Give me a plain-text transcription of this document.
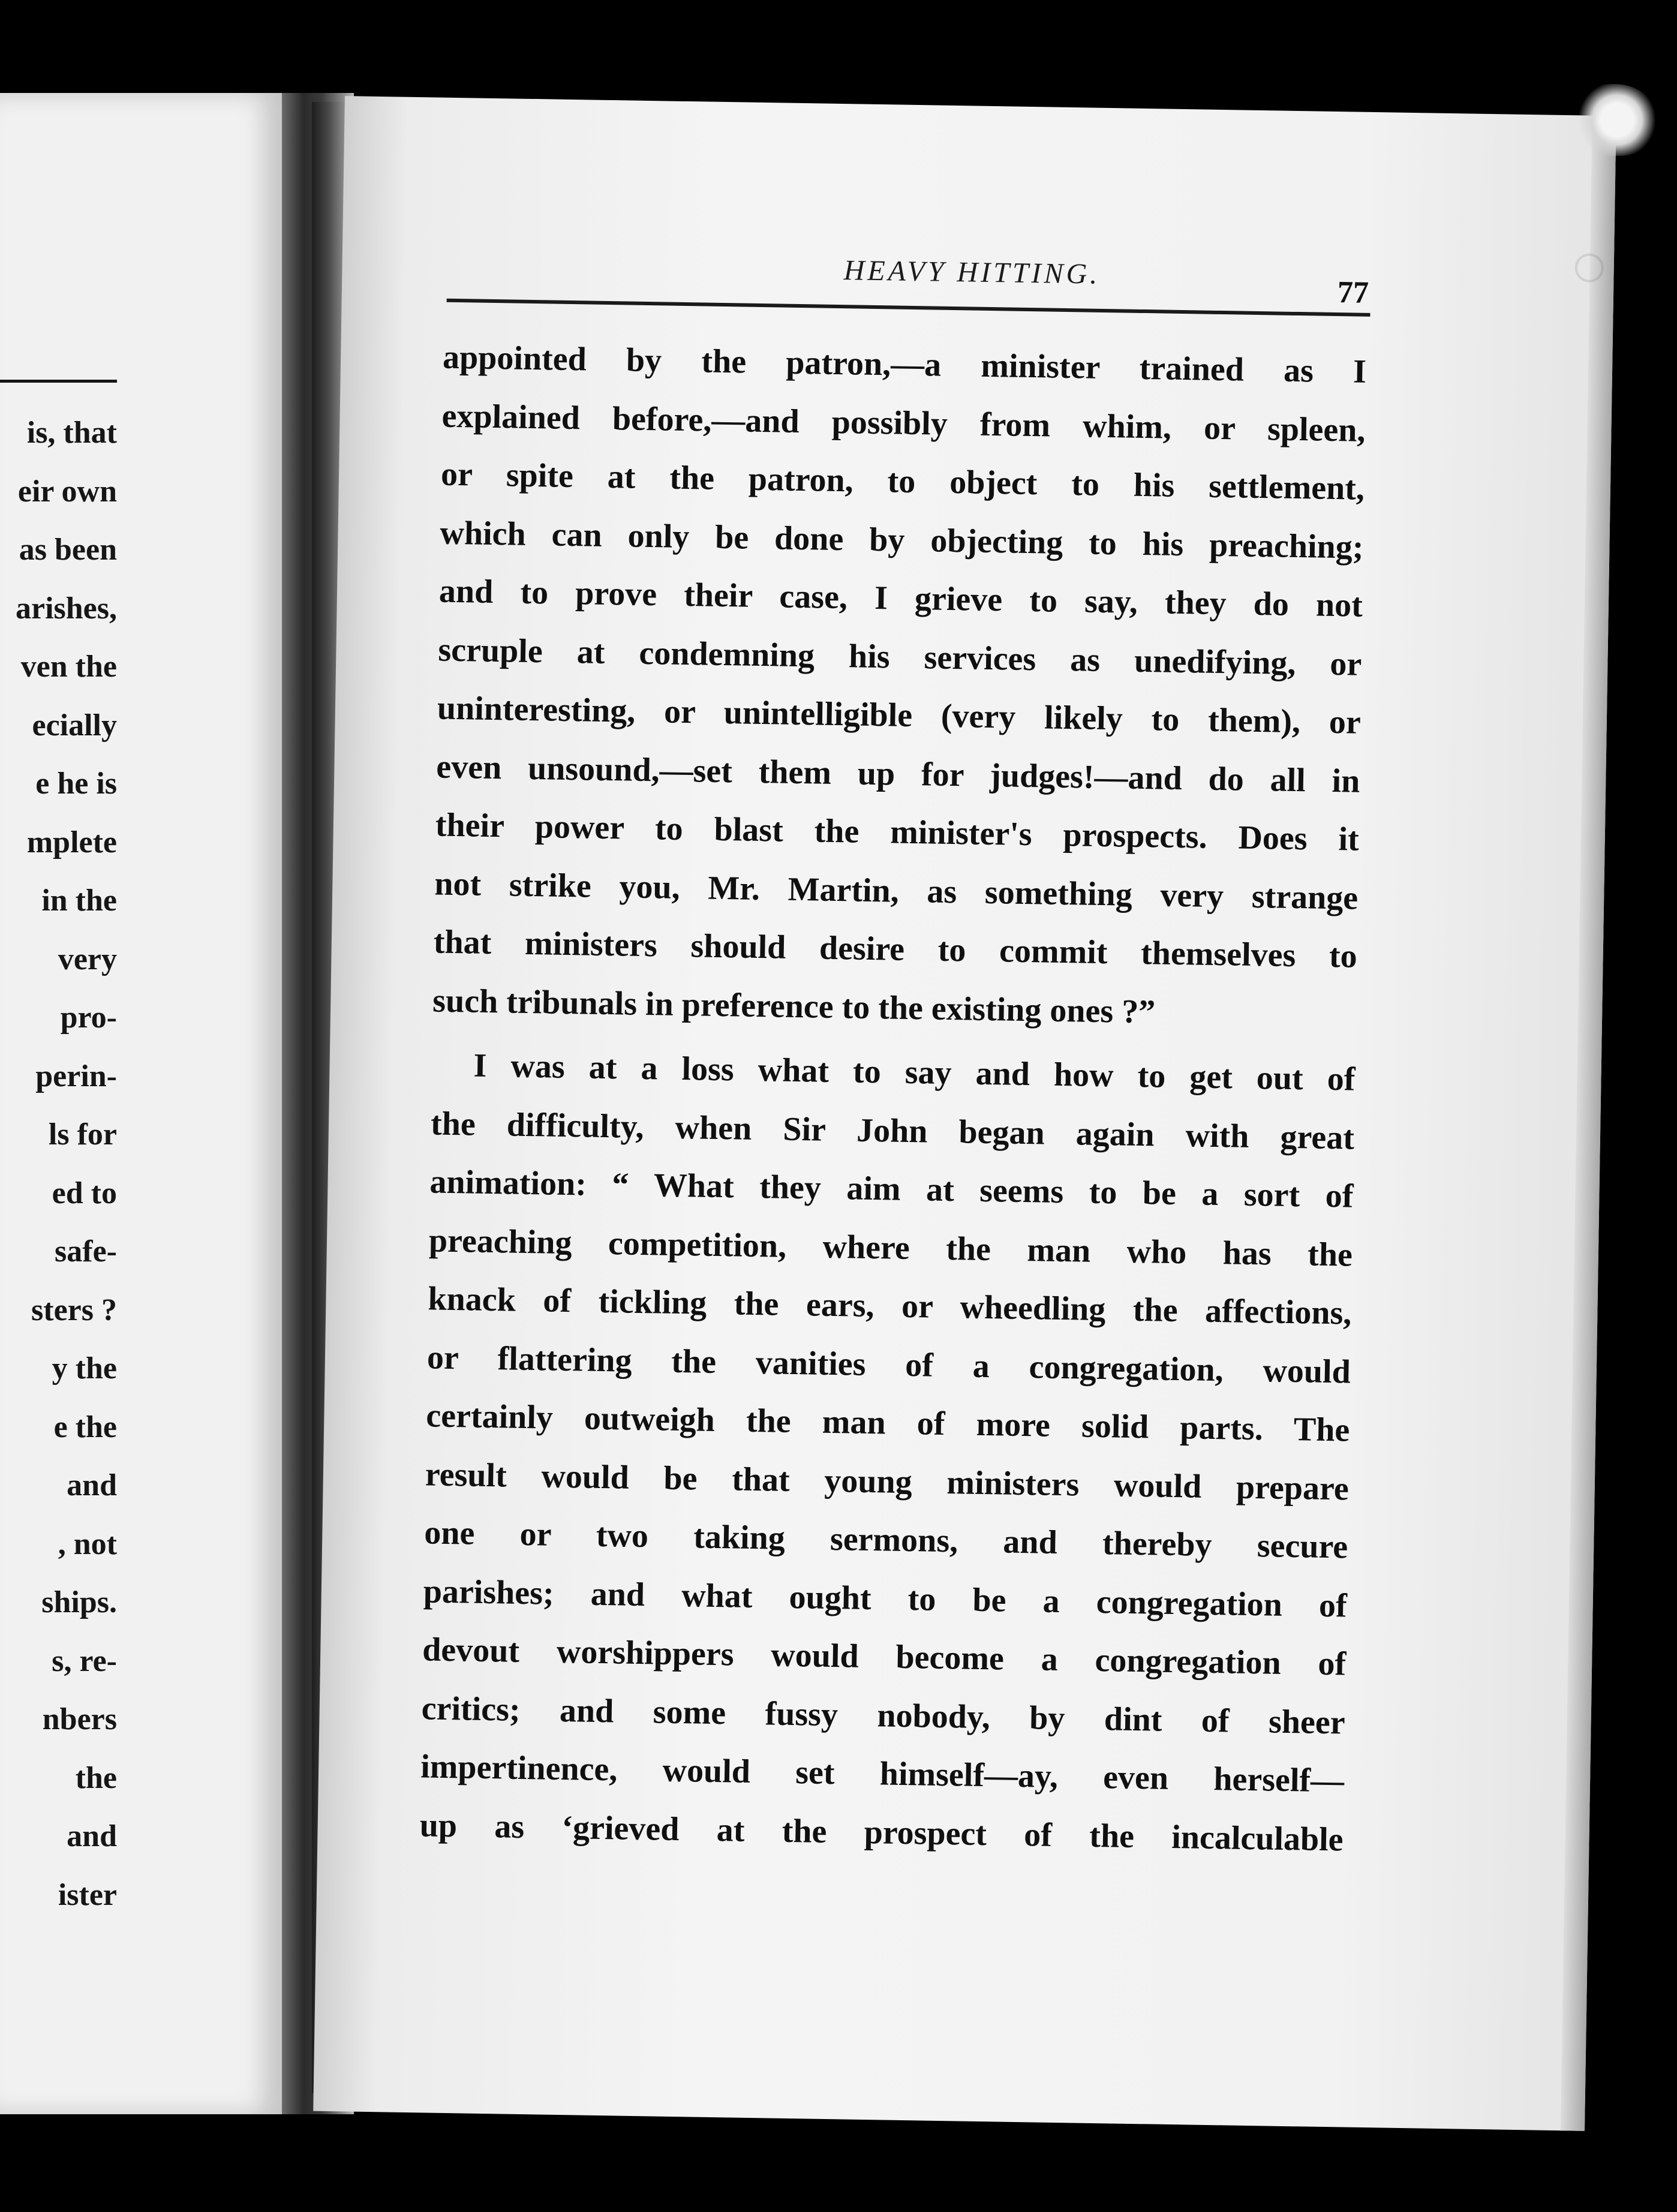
is, that
eir own
as been
arishes,
ven the
ecially
e he is
mplete
in the
very
pro-
perin-
ls for
ed to
safe-
sters ?
y the
e the
and
, not
ships.
s, re-
nbers
the
and
ister
HEAVY HITTING.
77
appointed by the patron,—a minister trained as I
explained before,—and possibly from whim, or spleen,
or spite at the patron, to object to his settlement,
which can only be done by objecting to his preaching;
and to prove their case, I grieve to say, they do not
scruple at condemning his services as unedifying, or
uninteresting, or unintelligible (very likely to them), or
even unsound,—set them up for judges!—and do all in
their power to blast the minister's prospects. Does it
not strike you, Mr. Martin, as something very strange
that ministers should desire to commit themselves to
such tribunals in preference to the existing ones ?”
I was at a loss what to say and how to get out of
the difficulty, when Sir John began again with great
animation: “ What they aim at seems to be a sort of
preaching competition, where the man who has the
knack of tickling the ears, or wheedling the affections,
or flattering the vanities of a congregation, would
certainly outweigh the man of more solid parts. The
result would be that young ministers would prepare
one or two taking sermons, and thereby secure
parishes; and what ought to be a congregation of
devout worshippers would become a congregation of
critics; and some fussy nobody, by dint of sheer
impertinence, would set himself—ay, even herself—
up as ‘grieved at the prospect of the incalculable
